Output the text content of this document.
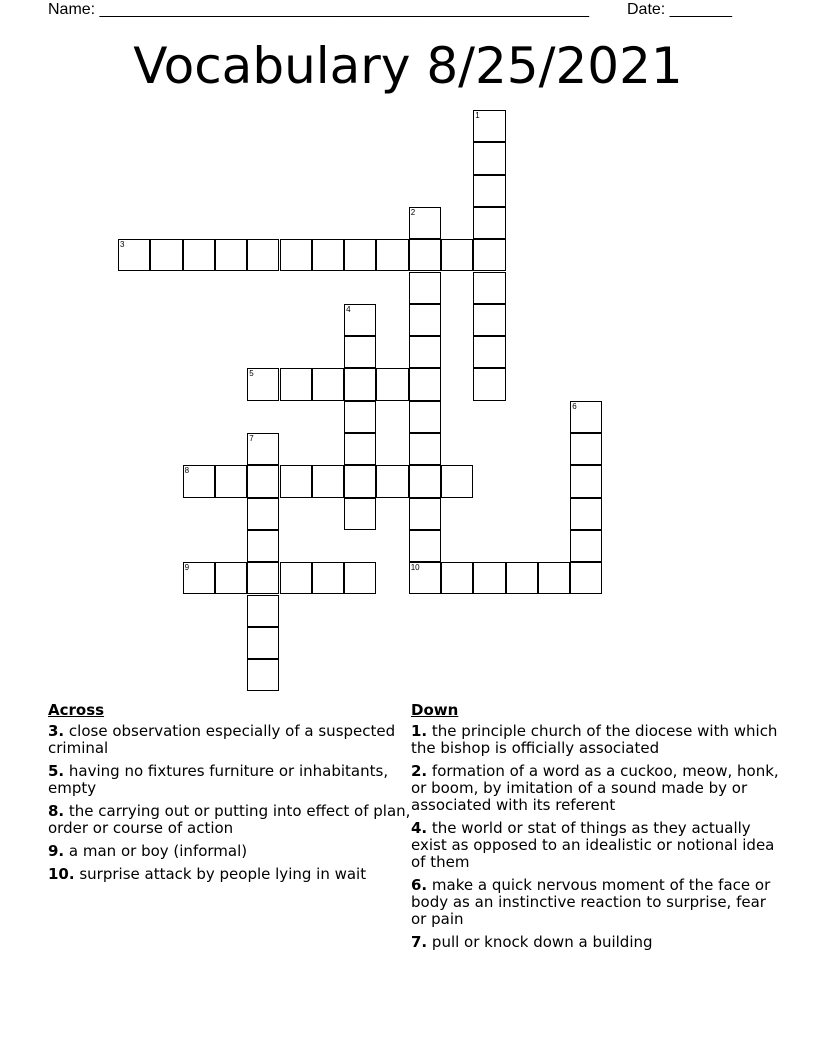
Name: _______________________________________________________ Date: _______
Vocabulary 8/25/2021
1
2
10
3
4
5
6
7
8
9
Across
3. close observation especially of a suspected criminal
5. having no fixtures furniture or inhabitants, empty
8. the carrying out or putting into effect of plan, order or course of action
9. a man or boy (informal)
10. surprise attack by people lying in wait
Down
1. the principle church of the diocese with which the bishop is officially associated
2. formation of a word as a cuckoo, meow, honk, or boom, by imitation of a sound made by or associated with its referent
4. the world or stat of things as they actually exist as opposed to an idealistic or notional idea of them
6. make a quick nervous moment of the face or body as an instinctive reaction to surprise, fear or pain
7. pull or knock down a building
